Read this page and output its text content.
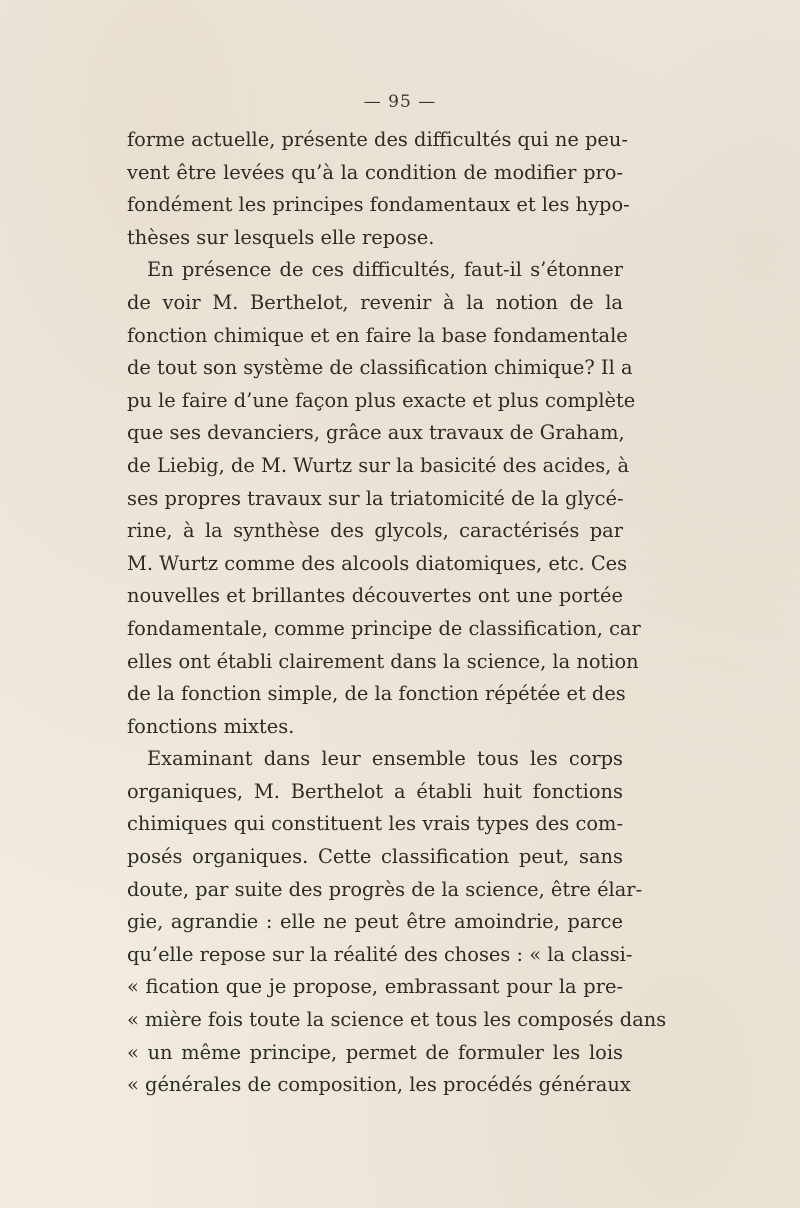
— 95 —
forme actuelle, présente des difficultés qui ne peu-
vent être levées qu’à la condition de modifier pro-
fondément les principes fondamentaux et les hypo-
thèses sur lesquels elle repose.
En présence de ces difficultés, faut-il s’étonner
de voir M. Berthelot, revenir à la notion de la
fonction chimique et en faire la base fondamentale
de tout son système de classification chimique? Il a
pu le faire d’une façon plus exacte et plus complète
que ses devanciers, grâce aux travaux de Graham,
de Liebig, de M. Wurtz sur la basicité des acides, à
ses propres travaux sur la triatomicité de la glycé-
rine, à la synthèse des glycols, caractérisés par
M. Wurtz comme des alcools diatomiques, etc. Ces
nouvelles et brillantes découvertes ont une portée
fondamentale, comme principe de classification, car
elles ont établi clairement dans la science, la notion
de la fonction simple, de la fonction répétée et des
fonctions mixtes.
Examinant dans leur ensemble tous les corps
organiques, M. Berthelot a établi huit fonctions
chimiques qui constituent les vrais types des com-
posés organiques. Cette classification peut, sans
doute, par suite des progrès de la science, être élar-
gie, agrandie : elle ne peut être amoindrie, parce
qu’elle repose sur la réalité des choses : « la classi-
« fication que je propose, embrassant pour la pre-
« mière fois toute la science et tous les composés dans
« un même principe, permet de formuler les lois
« générales de composition, les procédés généraux
